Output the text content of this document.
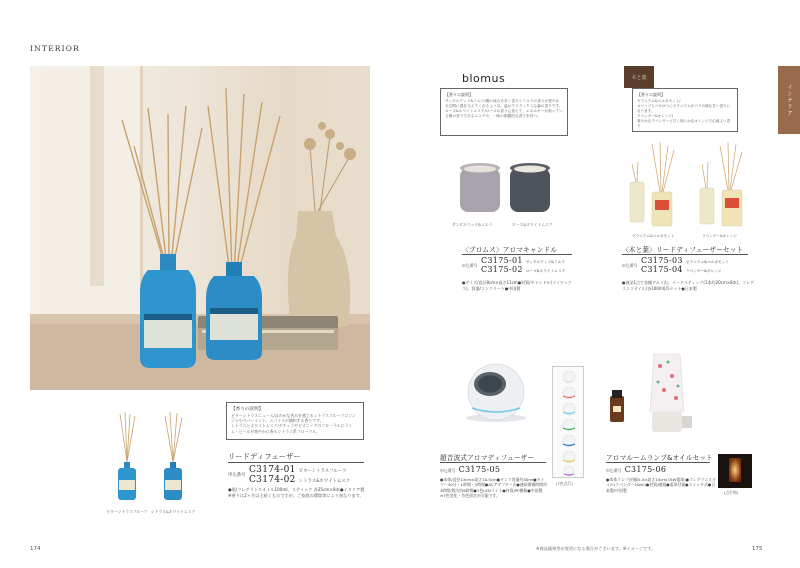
INTERIOR
ビターシトラスフルーツ シトラス&ホワイトムスク
【香りの説明】
ビターシトラスニュース/ほのかな苦みを感じるシトラスフルーツにジンジャやペパーミント、スパイスが調和する香りです。
シトラスとホワイトムスク/ダチュラやピオニーグのフローラルにライム・ピールが爽やかに香るシトラス系フローラル。
リードディフューザー
申込番号
C3174-01 ビターシトラスフルーツ
C3174-02 シトラス&ホワイトムスク
●瓶/フレグランスオイル100ml、ステイック 各25cm×8本●イタリア製
※香りは2ヶ月以上続くものですが、ご家庭の環境等により異なります。
174
インテリア
blomus
【香りの説明】
サンダルウッド&ミルラ/樹の深みを求く香りとミルラの香りが密やかな空間に感を与えてくれるような。温かでリラックスな森の香りです。
ローズ&ホワイトムスク/ローズの香りに加えて、エネルギーが宿っている樹の香りであるムスクや、一味の刺激的な香りを持つ。
サンダルウッド&ミルラ	ローズ&ホワイトムスク
〈ブロムス〉アロマキャンドル
申込番号
C3175-01 サンダルウッド&ミルラ
C3175-02 ローズ&ホワイトムスク
●サイズ/直径8cm×高さ11cm●材質/キャンドル(ソイワックス)、容器/コンクリート●中国製
木と葉
【香りの説明】
ゼラニウム&ベルガモット/
オリーブヒバやゆうにゼラニウムがバラの様な甘い香りになります。
ラベンダー&オレンジ/
爽やかなラベンダーと甘く朗らかなオレンジで心地よい香り
ゼラニウム&ベルガモット	ラベンダー&オレンジ
〈木と葉〉リードディフューザーセット
申込番号
C3175-03 ゼラニウム&ベルガモット
C3175-04 ラベンダー&オレンジ
●商品1点で各種アルミ缶、リードスティック(1本約20cm×8本)、フレグランスオイル(各100ml)/1セット●日本製
(7色点灯)
超音波式アロマディフューザー
申込番号 C3175-05
●本体/直径13cm×高さ10.5cm●タンク容量約50ml●タイマー30分・1時間・3時間●ACアダプター式●連続噴霧時間約3時間/間欠約6時間●7色LEDライト●材質/PP樹脂●中国製
※7色変化・各色固定が可能です。
(点灯時)
アロマルームランプ&オイルセット
申込番号 C3175-06
●本体ランプ/約幅5.4×高さ15cm(15W電球)●フレグランスオイル(ラベンダー10ml)●材質/磁器●電球付属●スイッチ式●日本製/中国製
※商品価格等が変更になる場合がございます。※イメージです。	175
